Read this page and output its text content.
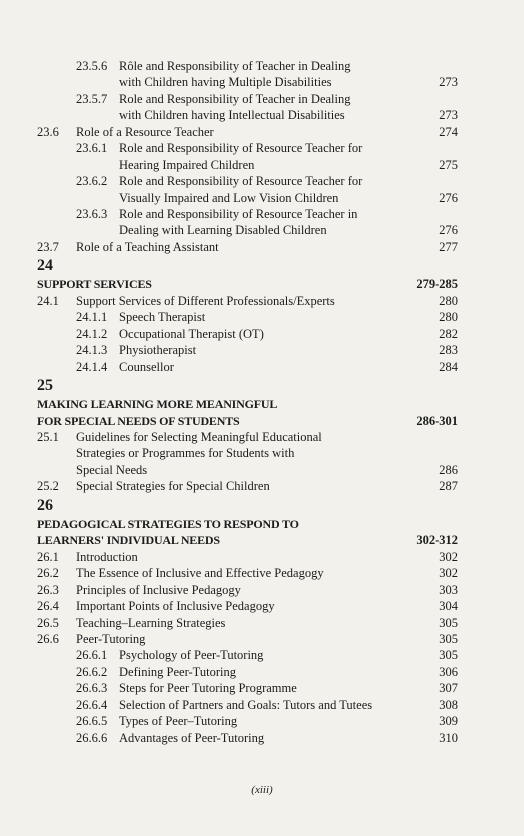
23.5.6 Rôle and Responsibility of Teacher in Dealing
with Children having Multiple Disabilities	273
23.5.7 Role and Responsibility of Teacher in Dealing
with Children having Intellectual Disabilities	273
23.6 Role of a Resource Teacher	274
23.6.1 Role and Responsibility of Resource Teacher for
Hearing Impaired Children	275
23.6.2 Role and Responsibility of Resource Teacher for
Visually Impaired and Low Vision Children	276
23.6.3 Role and Responsibility of Resource Teacher in
Dealing with Learning Disabled Children	276
23.7 Role of a Teaching Assistant	277
24
SUPPORT SERVICES	279-285
24.1 Support Services of Different Professionals/Experts	280
24.1.1 Speech Therapist	280
24.1.2 Occupational Therapist (OT)	282
24.1.3 Physiotherapist	283
24.1.4 Counsellor	284
25
MAKING LEARNING MORE MEANINGFUL
FOR SPECIAL NEEDS OF STUDENTS	286-301
25.1 Guidelines for Selecting Meaningful Educational
Strategies or Programmes for Students with
Special Needs	286
25.2 Special Strategies for Special Children	287
26
PEDAGOGICAL STRATEGIES TO RESPOND TO
LEARNERS' INDIVIDUAL NEEDS	302-312
26.1 Introduction	302
26.2 The Essence of Inclusive and Effective Pedagogy	302
26.3 Principles of Inclusive Pedagogy	303
26.4 Important Points of Inclusive Pedagogy	304
26.5 Teaching–Learning Strategies	305
26.6 Peer-Tutoring	305
26.6.1 Psychology of Peer-Tutoring	305
26.6.2 Defining Peer-Tutoring	306
26.6.3 Steps for Peer Tutoring Programme	307
26.6.4 Selection of Partners and Goals: Tutors and Tutees	308
26.6.5 Types of Peer–Tutoring	309
26.6.6 Advantages of Peer-Tutoring	310
(xiii)
